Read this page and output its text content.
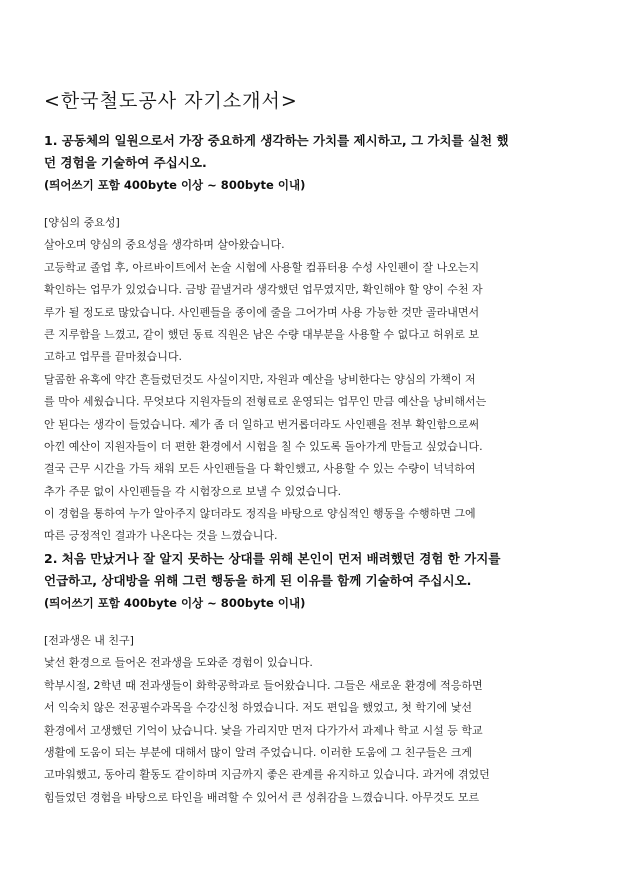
<한국철도공사 자기소개서>

1. 공동체의 일원으로서 가장 중요하게 생각하는 가치를 제시하고, 그 가치를 실천 했

던 경험을 기술하여 주십시오.

(띄어쓰기 포함 400byte 이상 ~ 800byte 이내)

[양심의 중요성]
살아오며 양심의 중요성을 생각하며 살아왔습니다.
고등학교 졸업 후, 아르바이트에서 논술 시험에 사용할 컴퓨터용 수성 사인펜이 잘 나오는지
확인하는 업무가 있었습니다. 금방 끝낼거라 생각했던 업무였지만, 확인해야 할 양이 수천 자
루가 될 정도로 많았습니다. 사인펜들을 종이에 줄을 그어가며 사용 가능한 것만 골라내면서
큰 지루함을 느꼈고, 같이 했던 동료 직원은 남은 수량 대부분을 사용할 수 없다고 허위로 보
고하고 업무를 끝마쳤습니다.
달콤한 유혹에 약간 흔들렸던것도 사실이지만, 자원과 예산을 낭비한다는 양심의 가책이 저
를 막아 세웠습니다. 무엇보다 지원자들의 전형료로 운영되는 업무인 만큼 예산을 낭비해서는
안 된다는 생각이 들었습니다. 제가 좀 더 일하고 번거롭더라도 사인펜을 전부 확인함으로써
아낀 예산이 지원자들이 더 편한 환경에서 시험을 칠 수 있도록 돌아가게 만들고 싶었습니다.
결국 근무 시간을 가득 채워 모든 사인펜들을 다 확인했고, 사용할 수 있는 수량이 넉넉하여
추가 주문 없이 사인펜들을 각 시험장으로 보낼 수 있었습니다.
이 경험을 통하여 누가 알아주지 않더라도 정직을 바탕으로 양심적인 행동을 수행하면 그에
따른 긍정적인 결과가 나온다는 것을 느꼈습니다.

2. 처음 만났거나 잘 알지 못하는 상대를 위해 본인이 먼저 배려했던 경험 한 가지를

언급하고, 상대방을 위해 그런 행동을 하게 된 이유를 함께 기술하여 주십시오.

(띄어쓰기 포함 400byte 이상 ~ 800byte 이내)

[전과생은 내 친구]
낯선 환경으로 들어온 전과생을 도와준 경험이 있습니다.
학부시절, 2학년 때 전과생들이 화학공학과로 들어왔습니다. 그들은 새로운 환경에 적응하면
서 익숙치 않은 전공필수과목을 수강신청 하였습니다. 저도 편입을 했었고, 첫 학기에 낯선
환경에서 고생했던 기억이 났습니다. 낯을 가리지만 먼저 다가가서 과제나 학교 시설 등 학교
생활에 도움이 되는 부분에 대해서 많이 알려 주었습니다. 이러한 도움에 그 친구들은 크게
고마워했고, 동아리 활동도 같이하며 지금까지 좋은 관계를 유지하고 있습니다. 과거에 겪었던
힘들었던 경험을 바탕으로 타인을 배려할 수 있어서 큰 성취감을 느꼈습니다. 아무것도 모르
